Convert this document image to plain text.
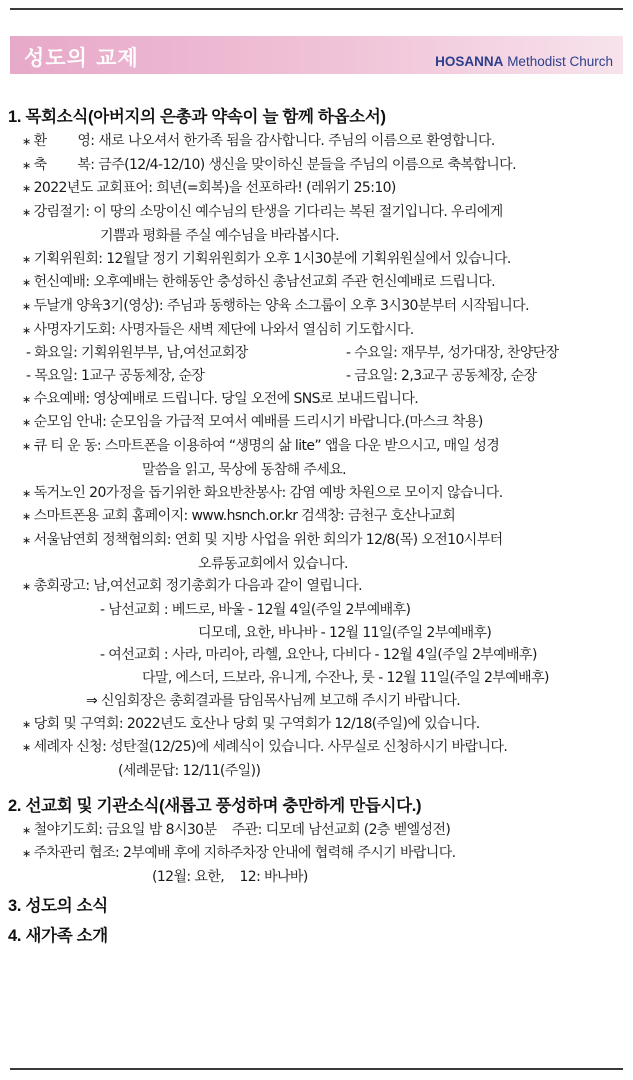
성도의 교제	HOSANNA Methodist Church
1. 목회소식(아버지의 은총과 약속이 늘 함께 하옵소서)
∗ 환        영: 새로 나오셔서 한가족 됨을 감사합니다. 주님의 이름으로 환영합니다.
∗ 축        복: 금주(12/4-12/10) 생신을 맞이하신 분들을 주님의 이름으로 축복합니다.
∗ 2022년도 교회표어: 희년(=회복)을 선포하라! (레위기 25:10)
∗ 강림절기: 이 땅의 소망이신 예수님의 탄생을 기다리는 복된 절기입니다. 우리에게
기쁨과 평화를 주실 예수님을 바라봅시다.
∗ 기획위원회: 12월달 정기 기획위원회가 오후 1시30분에 기획위원실에서 있습니다.
∗ 헌신예배: 오후예배는 한해동안 충성하신 총남선교회 주관 헌신예배로 드립니다.
∗ 두날개 양육3기(영상): 주님과 동행하는 양육 소그룹이 오후 3시30분부터 시작됩니다.
∗ 사명자기도회: 사명자들은 새벽 제단에 나와서 열심히 기도합시다.
- 화요일: 기획위원부부, 남,여선교회장	- 수요일: 재무부, 성가대장, 찬양단장
- 목요일: 1교구 공동체장, 순장	- 금요일: 2,3교구 공동체장, 순장
∗ 수요예배: 영상예배로 드립니다. 당일 오전에 SNS로 보내드립니다.
∗ 순모임 안내: 순모임을 가급적 모여서 예배를 드리시기 바랍니다.(마스크 착용)
∗ 큐 티 운 동: 스마트폰을 이용하여 “생명의 삶 lite” 앱을 다운 받으시고, 매일 성경
말씀을 읽고, 묵상에 동참해 주세요.
∗ 독거노인 20가정을 돕기위한 화요반찬봉사: 감염 예방 차원으로 모이지 않습니다.
∗ 스마트폰용 교회 홈페이지: www.hsnch.or.kr 검색창: 금천구 호산나교회
∗ 서울남연회 정책협의회: 연회 및 지방 사업을 위한 회의가 12/8(목) 오전10시부터
오류동교회에서 있습니다.
∗ 총회광고: 남,여선교회 정기총회가 다음과 같이 열립니다.
- 남선교회 : 베드로, 바울 - 12월 4일(주일 2부예배후)
디모데, 요한, 바나바 - 12월 11일(주일 2부예배후)
- 여선교회 : 사라, 마리아, 라헬, 요안나, 다비다 - 12월 4일(주일 2부예배후)
다말, 에스더, 드보라, 유니게, 수잔나, 룻 - 12월 11일(주일 2부예배후)
⇒ 신임회장은 총회결과를 담임목사님께 보고해 주시기 바랍니다.
∗ 당회 및 구역회: 2022년도 호산나 당회 및 구역회가 12/18(주일)에 있습니다.
∗ 세례자 신청: 성탄절(12/25)에 세례식이 있습니다. 사무실로 신청하시기 바랍니다.
(세례문답: 12/11(주일))
2. 선교회 및 기관소식(새롭고 풍성하며 충만하게 만듭시다.)
∗ 철야기도회: 금요일 밤 8시30분    주관: 디모데 남선교회 (2층 벧엘성전)
∗ 주차관리 협조: 2부예배 후에 지하주차장 안내에 협력해 주시기 바랍니다.
(12월: 요한,    12: 바나바)
3. 성도의 소식
4. 새가족 소개
